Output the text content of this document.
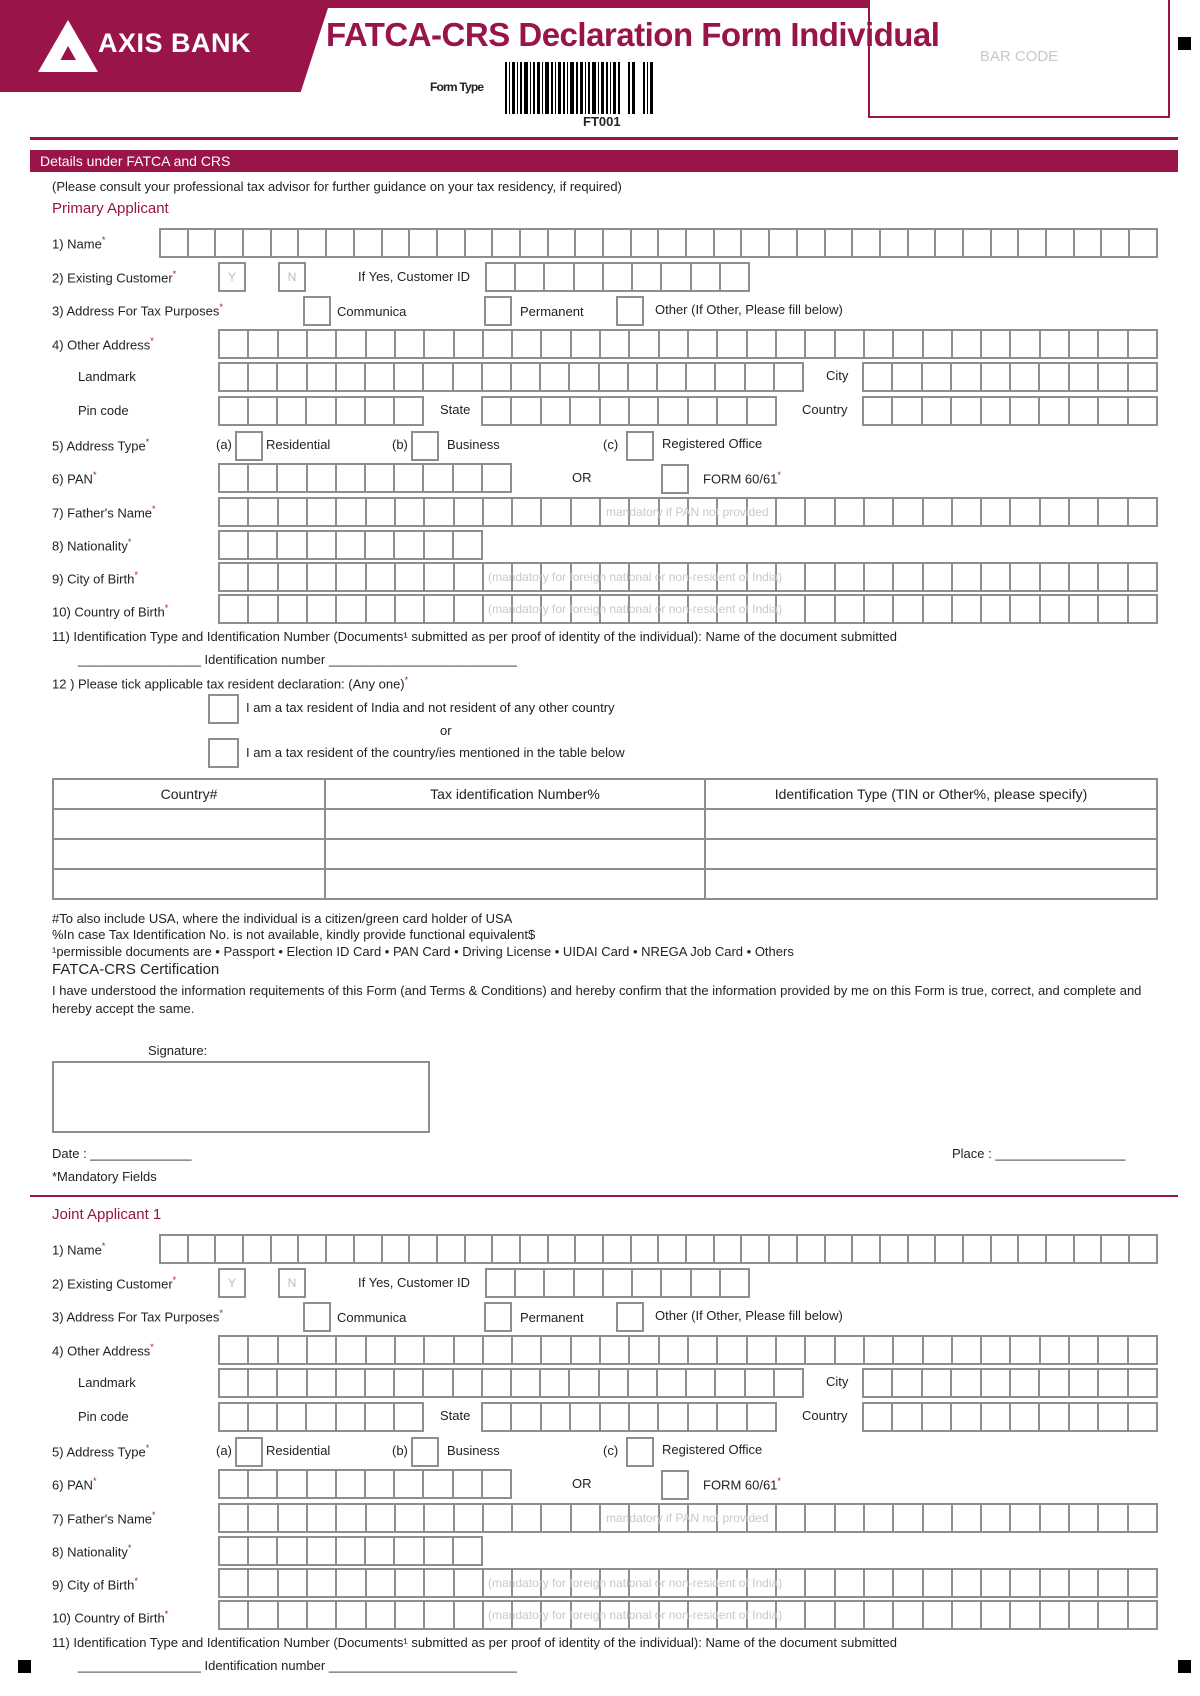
AXIS BANK FATCA-CRS Declaration Form Individual
Form Type
FT001
BAR CODE
Details under FATCA and CRS
(Please consult your professional tax advisor for further guidance on your tax residency, if required)
Primary Applicant
1) Name*
2) Existing Customer*	Y	N	If Yes, Customer ID
3) Address For Tax Purposes*	Communica	Permanent	Other (If Other, Please fill below)
4) Other Address*
Landmark	City
Pin code	State	Country
5) Address Type*	(a)	Residential	(b)	Business	(c)	Registered Office
6) PAN*	OR	FORM 60/61*
7) Father's Name*	mandatory if PAN not provided
8) Nationality*
9) City of Birth*	(mandatory for foreign national or non-resident of India)
10) Country of Birth*	(mandatory for foreign national or non-resident of India)
11) Identification Type and Identification Number (Documents¹ submitted as per proof of identity of the individual): Name of the document submitted
_________________ Identification number __________________________
Joint Applicant 1
1) Name*
2) Existing Customer*	Y	N	If Yes, Customer ID
3) Address For Tax Purposes*	Communica	Permanent	Other (If Other, Please fill below)
4) Other Address*
Landmark	City
Pin code	State	Country
5) Address Type*	(a)	Residential	(b)	Business	(c)	Registered Office
6) PAN*	OR	FORM 60/61*
7) Father's Name*	mandatory if PAN not provided
8) Nationality*
9) City of Birth*	(mandatory for foreign national or non-resident of India)
10) Country of Birth*	(mandatory for foreign national or non-resident of India)
11) Identification Type and Identification Number (Documents¹ submitted as per proof of identity of the individual): Name of the document submitted
_________________ Identification number __________________________
12 ) Please tick applicable tax resident declaration: (Any one)*
I am a tax resident of India and not resident of any other country
or
I am a tax resident of the country/ies mentioned in the table below
Country#	Tax identification Number%	Identification Type (TIN or Other%, please specify)

#To also include USA, where the individual is a citizen/green card holder of USA
%In case Tax Identification No. is not available, kindly provide functional equivalent$
¹permissible documents are • Passport • Election ID Card • PAN Card • Driving License • UIDAI Card • NREGA Job Card • Others
FATCA-CRS Certification
I have understood the information requitements of this Form (and Terms & Conditions) and hereby confirm that the information provided by me on this Form is true, correct, and complete and hereby accept the same.
Signature:
Date : ______________	Place : __________________
*Mandatory Fields
